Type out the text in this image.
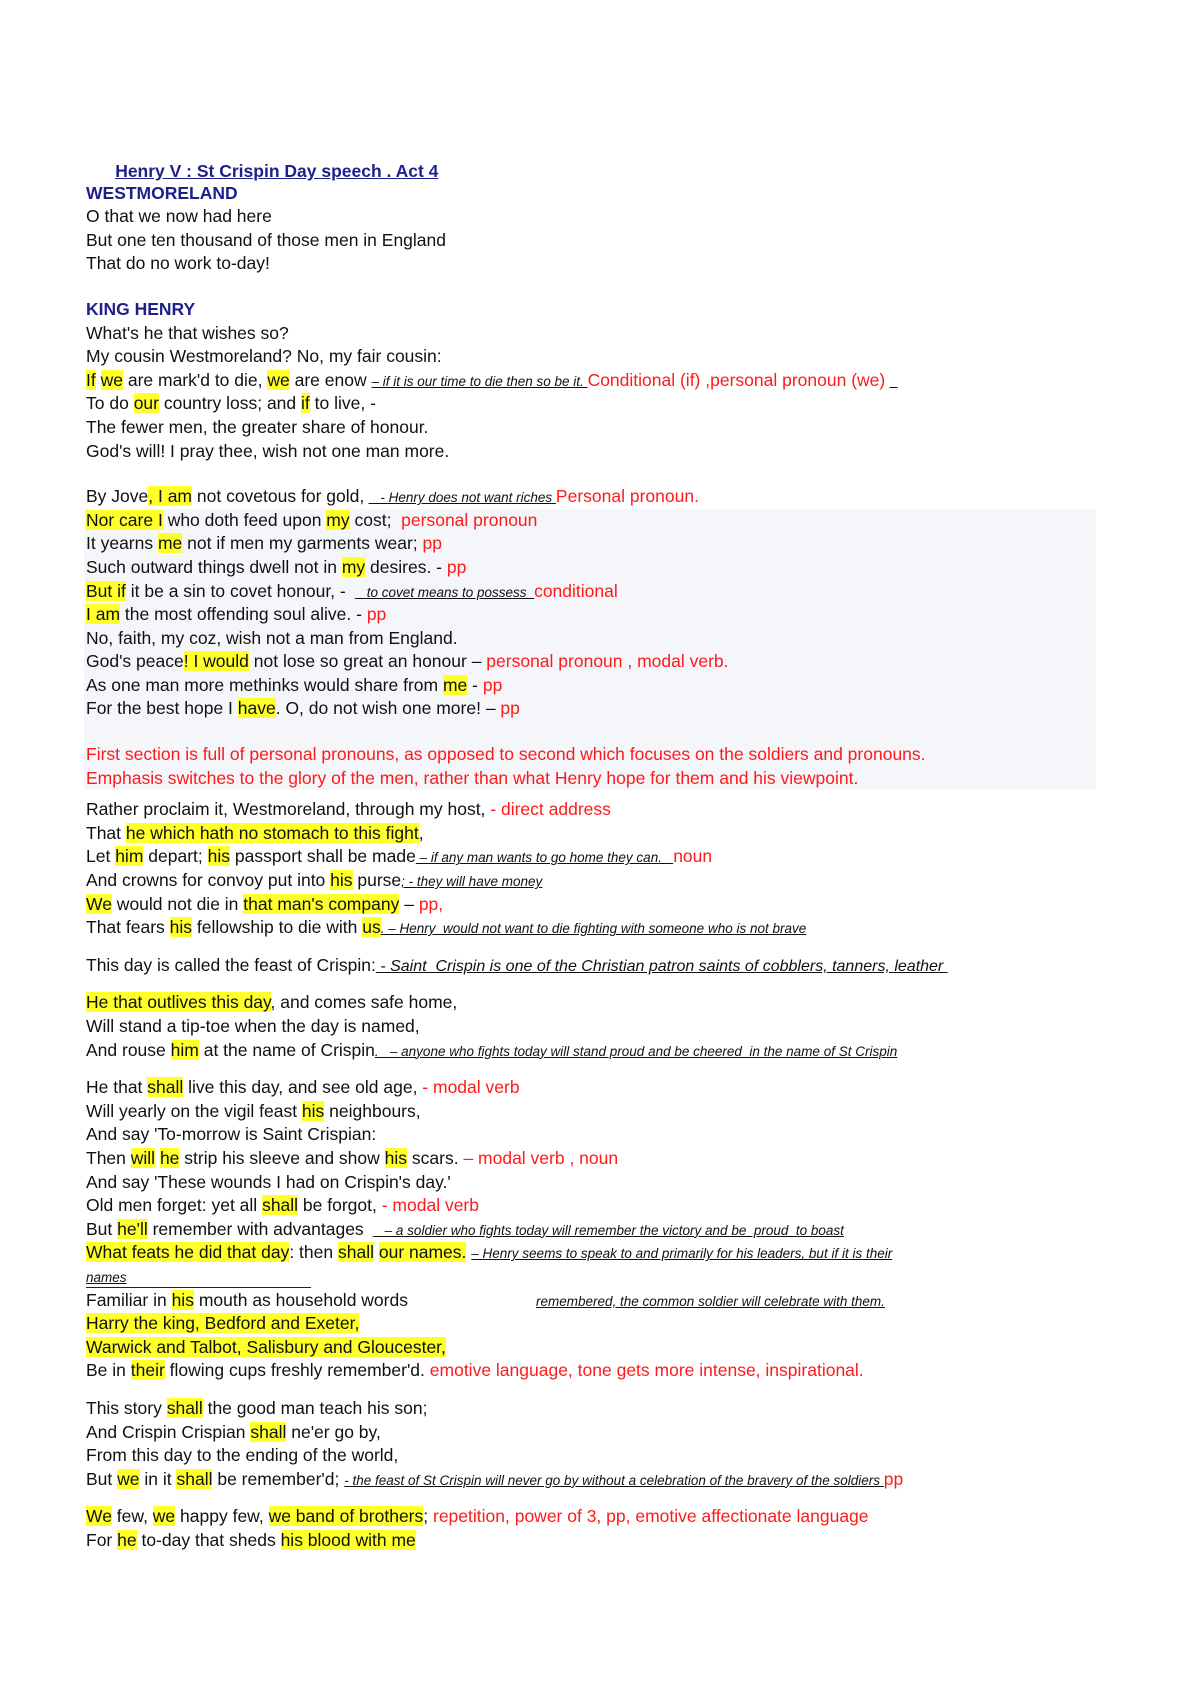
Henry V : St Crispin Day speech . Act 4

WESTMORELAND
O that we now had here
But one ten thousand of those men in England
That do no work to-day!
KING HENRY
What's he that wishes so?
My cousin Westmoreland? No, my fair cousin:
If we are mark'd to die, we are enow – if it is our time to die then so be it. Conditional (if) ,personal pronoun (we) _
To do our country loss; and if to live, -
The fewer men, the greater share of honour.
God's will! I pray thee, wish not one man more.
By Jove, I am not covetous for gold, _ - Henry does not want riches Personal pronoun.
Nor care I who doth feed upon my cost;  personal pronoun
It yearns me not if men my garments wear; pp
Such outward things dwell not in my desires. - pp
But if it be a sin to covet honour, -  _ to covet means to possess_conditional
I am the most offending soul alive. - pp
No, faith, my coz, wish not a man from England.
God's peace! I would not lose so great an honour – personal pronoun , modal verb.
As one man more methinks would share from me - pp
For the best hope I have. O, do not wish one more! – pp
First section is full of personal pronouns, as opposed to second which focuses on the soldiers and pronouns.
Emphasis switches to the glory of the men, rather than what Henry hope for them and his viewpoint.
Rather proclaim it, Westmoreland, through my host, - direct address
That he which hath no stomach to this fight,
Let him depart; his passport shall be made – if any man wants to go home they can.   noun
And crowns for convoy put into his purse; - they will have money
We would not die in that man's company – pp,
That fears his fellowship to die with us. – Henry  would not want to die fighting with someone who is not brave
This day is called the feast of Crispin: - Saint  Crispin is one of the Christian patron saints of cobblers, tanners, leather
He that outlives this day, and comes safe home,
Will stand a tip-toe when the day is named,
And rouse him at the name of Crispin.   – anyone who fights today will stand proud and be cheered  in the name of St Crispin
He that shall live this day, and see old age, - modal verb
Will yearly on the vigil feast his neighbours,
And say 'To-morrow is Saint Crispian:
Then will he strip his sleeve and show his scars. – modal verb , noun
And say 'These wounds I had on Crispin's day.'
Old men forget: yet all shall be forgot, - modal verb
But he'll remember with advantages  _ – a soldier who fights today will remember the victory and be  proud  to boast
What feats he did that day: then shall our names. – Henry seems to speak to and primarily for his leaders, but if it is their
names
Familiar in his mouth as household words	remembered, the common soldier will celebrate with them.
Harry the king, Bedford and Exeter,
Warwick and Talbot, Salisbury and Gloucester,
Be in their flowing cups freshly remember'd. emotive language, tone gets more intense, inspirational.
This story shall the good man teach his son;
And Crispin Crispian shall ne'er go by,
From this day to the ending of the world,
But we in it shall be remember'd; - the feast of St Crispin will never go by without a celebration of the bravery of the soldiers pp
We few, we happy few, we band of brothers; repetition, power of 3, pp, emotive affectionate language
For he to-day that sheds his blood with me
